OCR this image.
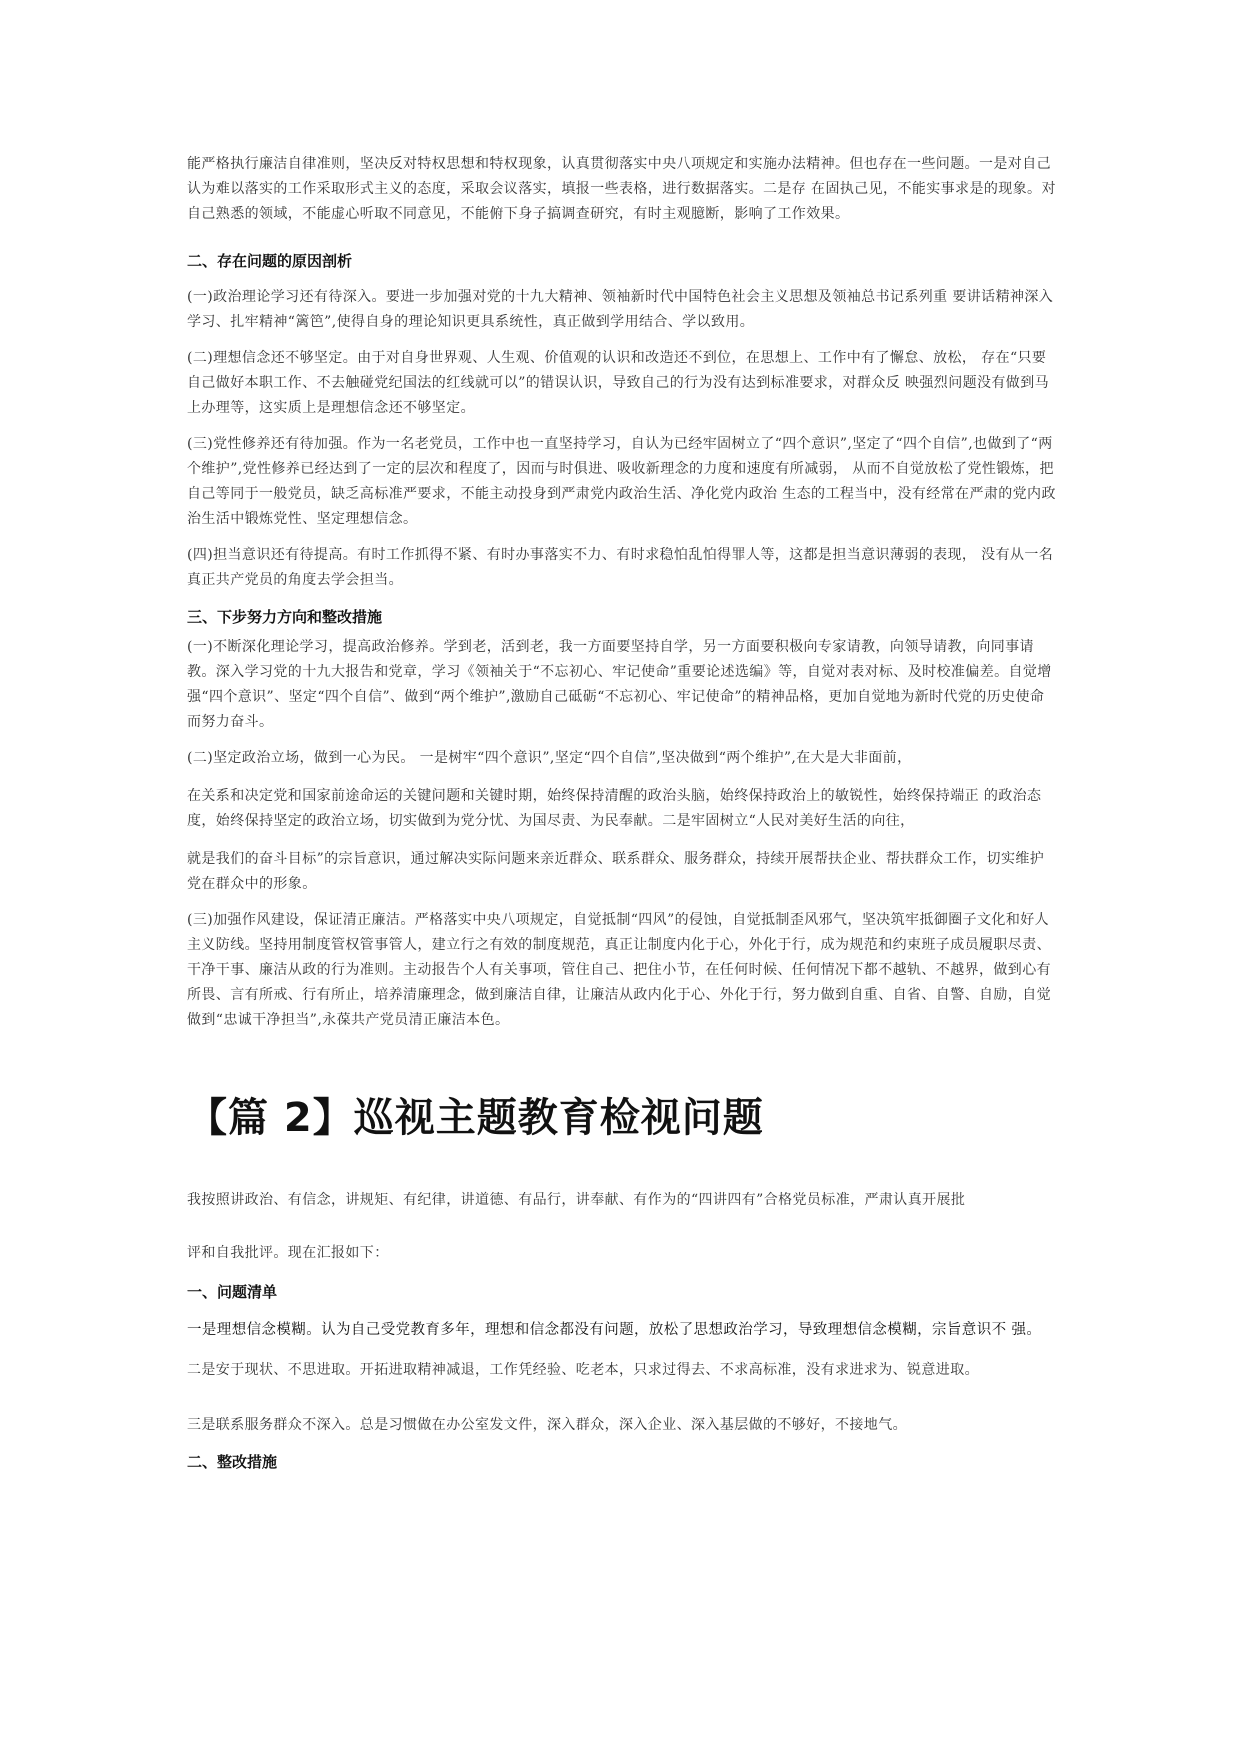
能严格执行廉洁自律准则，坚决反对特权思想和特权现象，认真贯彻落实中央八项规定和实施办法精神。但也存在一些问题。一是对自己认为难以落实的工作采取形式主义的态度，采取会议落实，填报一些表格，进行数据落实。二是存 在固执己见，不能实事求是的现象。对自己熟悉的领域，不能虚心听取不同意见，不能俯下身子搞调查研究，有时主观臆断，影响了工作效果。

二、存在问题的原因剖析

(一)政治理论学习还有待深入。要进一步加强对党的十九大精神、领袖新时代中国特色社会主义思想及领袖总书记系列重 要讲话精神深入学习、扎牢精神“篱笆”,使得自身的理论知识更具系统性，真正做到学用结合、学以致用。

(二)理想信念还不够坚定。由于对自身世界观、人生观、价值观的认识和改造还不到位，在思想上、工作中有了懈怠、放松， 存在“只要自己做好本职工作、不去触碰党纪国法的红线就可以”的错误认识，导致自己的行为没有达到标准要求，对群众反 映强烈问题没有做到马上办理等，这实质上是理想信念还不够坚定。

(三)党性修养还有待加强。作为一名老党员，工作中也一直坚持学习，自认为已经牢固树立了“四个意识”,坚定了“四个自信”,也做到了“两个维护”,党性修养已经达到了一定的层次和程度了，因而与时俱进、吸收新理念的力度和速度有所减弱， 从而不自觉放松了党性锻炼，把自己等同于一般党员，缺乏高标准严要求，不能主动投身到严肃党内政治生活、净化党内政治 生态的工程当中，没有经常在严肃的党内政治生活中锻炼党性、坚定理想信念。

(四)担当意识还有待提高。有时工作抓得不紧、有时办事落实不力、有时求稳怕乱怕得罪人等，这都是担当意识薄弱的表现， 没有从一名真正共产党员的角度去学会担当。

三、下步努力方向和整改措施

(一)不断深化理论学习，提高政治修养。学到老，活到老，我一方面要坚持自学，另一方面要积极向专家请教，向领导请教，向同事请教。深入学习党的十九大报告和党章，学习《领袖关于“不忘初心、牢记使命”重要论述选编》等，自觉对表对标、及时校准偏差。自觉增强“四个意识”、坚定“四个自信”、做到“两个维护”,激励自己砥砺“不忘初心、牢记使命”的精神品格，更加自觉地为新时代党的历史使命而努力奋斗。

(二)坚定政治立场，做到一心为民。 一是树牢“四个意识”,坚定“四个自信”,坚决做到“两个维护”,在大是大非面前，

在关系和决定党和国家前途命运的关键问题和关键时期，始终保持清醒的政治头脑，始终保持政治上的敏锐性，始终保持端正 的政治态度，始终保持坚定的政治立场，切实做到为党分忧、为国尽责、为民奉献。二是牢固树立“人民对美好生活的向往，

就是我们的奋斗目标”的宗旨意识，通过解决实际问题来亲近群众、联系群众、服务群众，持续开展帮扶企业、帮扶群众工作，切实维护党在群众中的形象。

(三)加强作风建设，保证清正廉洁。严格落实中央八项规定，自觉抵制“四风”的侵蚀，自觉抵制歪风邪气，坚决筑牢抵御圈子文化和好人主义防线。坚持用制度管权管事管人，建立行之有效的制度规范，真正让制度内化于心，外化于行，成为规范和约束班子成员履职尽责、干净干事、廉洁从政的行为准则。主动报告个人有关事项，管住自己、把住小节，在任何时候、任何情况下都不越轨、不越界，做到心有所畏、言有所戒、行有所止，培养清廉理念，做到廉洁自律，让廉洁从政内化于心、外化于行，努力做到自重、自省、自警、自励，自觉做到“忠诚干净担当”,永葆共产党员清正廉洁本色。

【篇 2】巡视主题教育检视问题

我按照讲政治、有信念，讲规矩、有纪律，讲道德、有品行，讲奉献、有作为的“四讲四有”合格党员标准，严肃认真开展批

评和自我批评。现在汇报如下：

一、问题清单

一是理想信念模糊。认为自己受党教育多年，理想和信念都没有问题，放松了思想政治学习，导致理想信念模糊，宗旨意识不 强。

二是安于现状、不思进取。开拓进取精神减退，工作凭经验、吃老本，只求过得去、不求高标准，没有求进求为、锐意进取。

三是联系服务群众不深入。总是习惯做在办公室发文件，深入群众，深入企业、深入基层做的不够好，不接地气。

二、整改措施
